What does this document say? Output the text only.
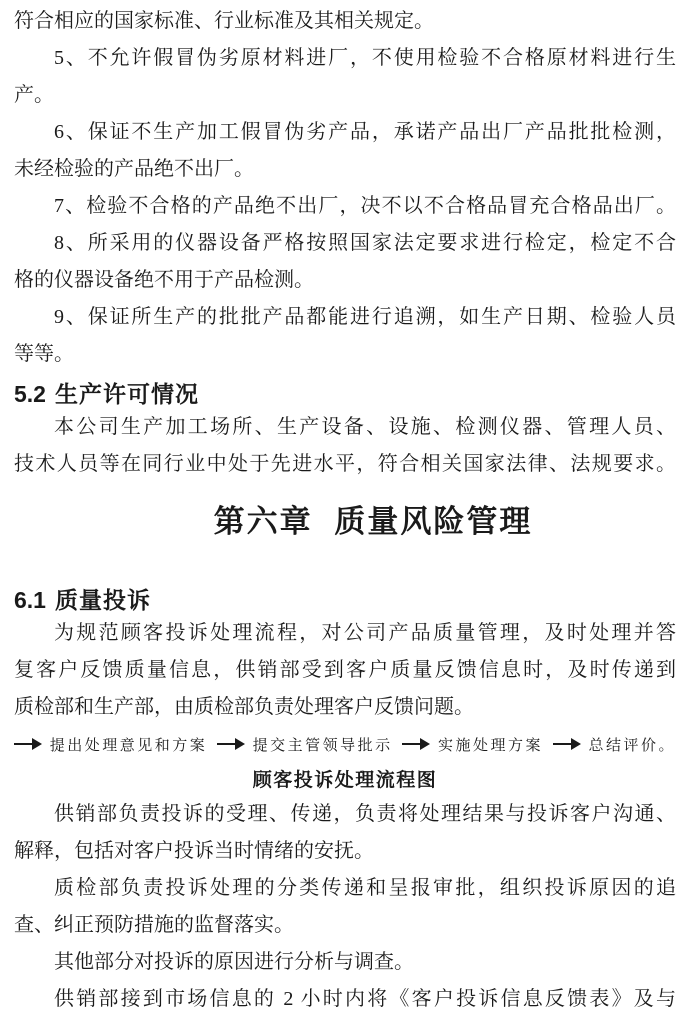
符合相应的国家标准、行业标准及其相关规定。
5、不允许假冒伪劣原材料进厂，不使用检验不合格原材料进行生
产。
6、保证不生产加工假冒伪劣产品，承诺产品出厂产品批批检测，
未经检验的产品绝不出厂。
7、检验不合格的产品绝不出厂，决不以不合格品冒充合格品出厂。
8、所采用的仪器设备严格按照国家法定要求进行检定，检定不合
格的仪器设备绝不用于产品检测。
9、保证所生产的批批产品都能进行追溯，如生产日期、检验人员
等等。
5.2 生产许可情况
本公司生产加工场所、生产设备、设施、检测仪器、管理人员、
技术人员等在同行业中处于先进水平，符合相关国家法律、法规要求。
第六章 质量风险管理
6.1 质量投诉
为规范顾客投诉处理流程，对公司产品质量管理，及时处理并答
复客户反馈质量信息，供销部受到客户质量反馈信息时，及时传递到
质检部和生产部，由质检部负责处理客户反馈问题。
提出处理意见和方案	提交主管领导批示	实施处理方案	总结评价。
顾客投诉处理流程图
供销部负责投诉的受理、传递，负责将处理结果与投诉客户沟通、
解释，包括对客户投诉当时情绪的安抚。
质检部负责投诉处理的分类传递和呈报审批，组织投诉原因的追
查、纠正预防措施的监督落实。
其他部分对投诉的原因进行分析与调查。
供销部接到市场信息的 2 小时内将《客户投诉信息反馈表》及与
